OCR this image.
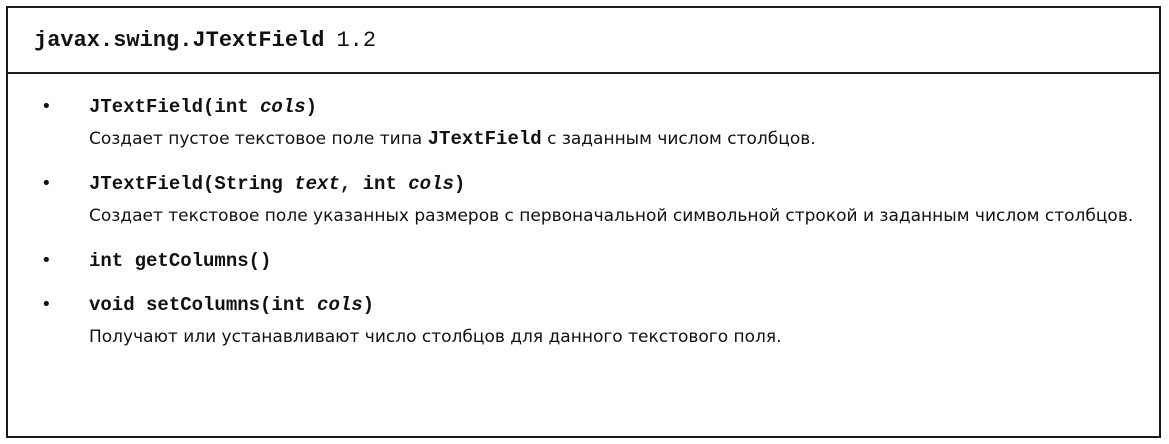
javax.swing.JTextField 1.2
• JTextField(int cols)
Создает пустое текстовое поле типа JTextField с заданным числом столбцов.
• JTextField(String text, int cols)
Создает текстовое поле указанных размеров с первоначальной символьной строкой и заданным числом столбцов.
• int getColumns()
• void setColumns(int cols)
Получают или устанавливают число столбцов для данного текстового поля.
